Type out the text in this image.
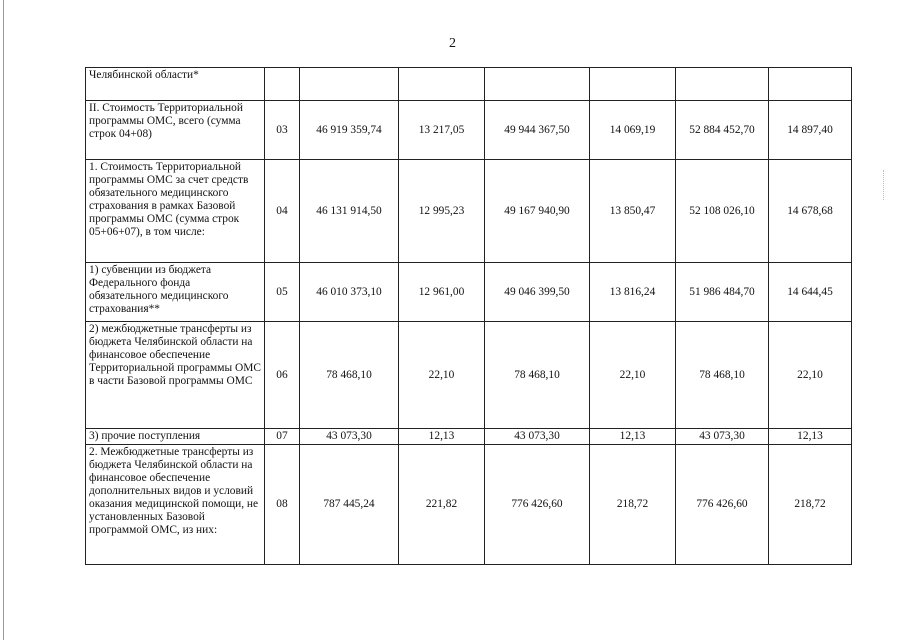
2
Челябинской области*							
II. Стоимость Территориальной программы ОМС, всего (сумма строк 04+08)	03	46 919 359,74	13 217,05	49 944 367,50	14 069,19	52 884 452,70	14 897,40
1. Стоимость Территориальной программы ОМС за счет средств обязательного медицинского страхования в рамках Базовой программы ОМС (сумма строк 05+06+07), в том числе:	04	46 131 914,50	12 995,23	49 167 940,90	13 850,47	52 108 026,10	14 678,68
1) субвенции из бюджета Федерального фонда обязательного медицинского страхования**	05	46 010 373,10	12 961,00	49 046 399,50	13 816,24	51 986 484,70	14 644,45
2) межбюджетные трансферты из бюджета Челябинской области на финансовое обеспечение Территориальной программы ОМС в части Базовой программы ОМС	06	78 468,10	22,10	78 468,10	22,10	78 468,10	22,10
3) прочие поступления	07	43 073,30	12,13	43 073,30	12,13	43 073,30	12,13
2. Межбюджетные трансферты из бюджета Челябинской области на финансовое обеспечение дополнительных видов и условий оказания медицинской помощи, не установленных Базовой программой ОМС, из них:	08	787 445,24	221,82	776 426,60	218,72	776 426,60	218,72
